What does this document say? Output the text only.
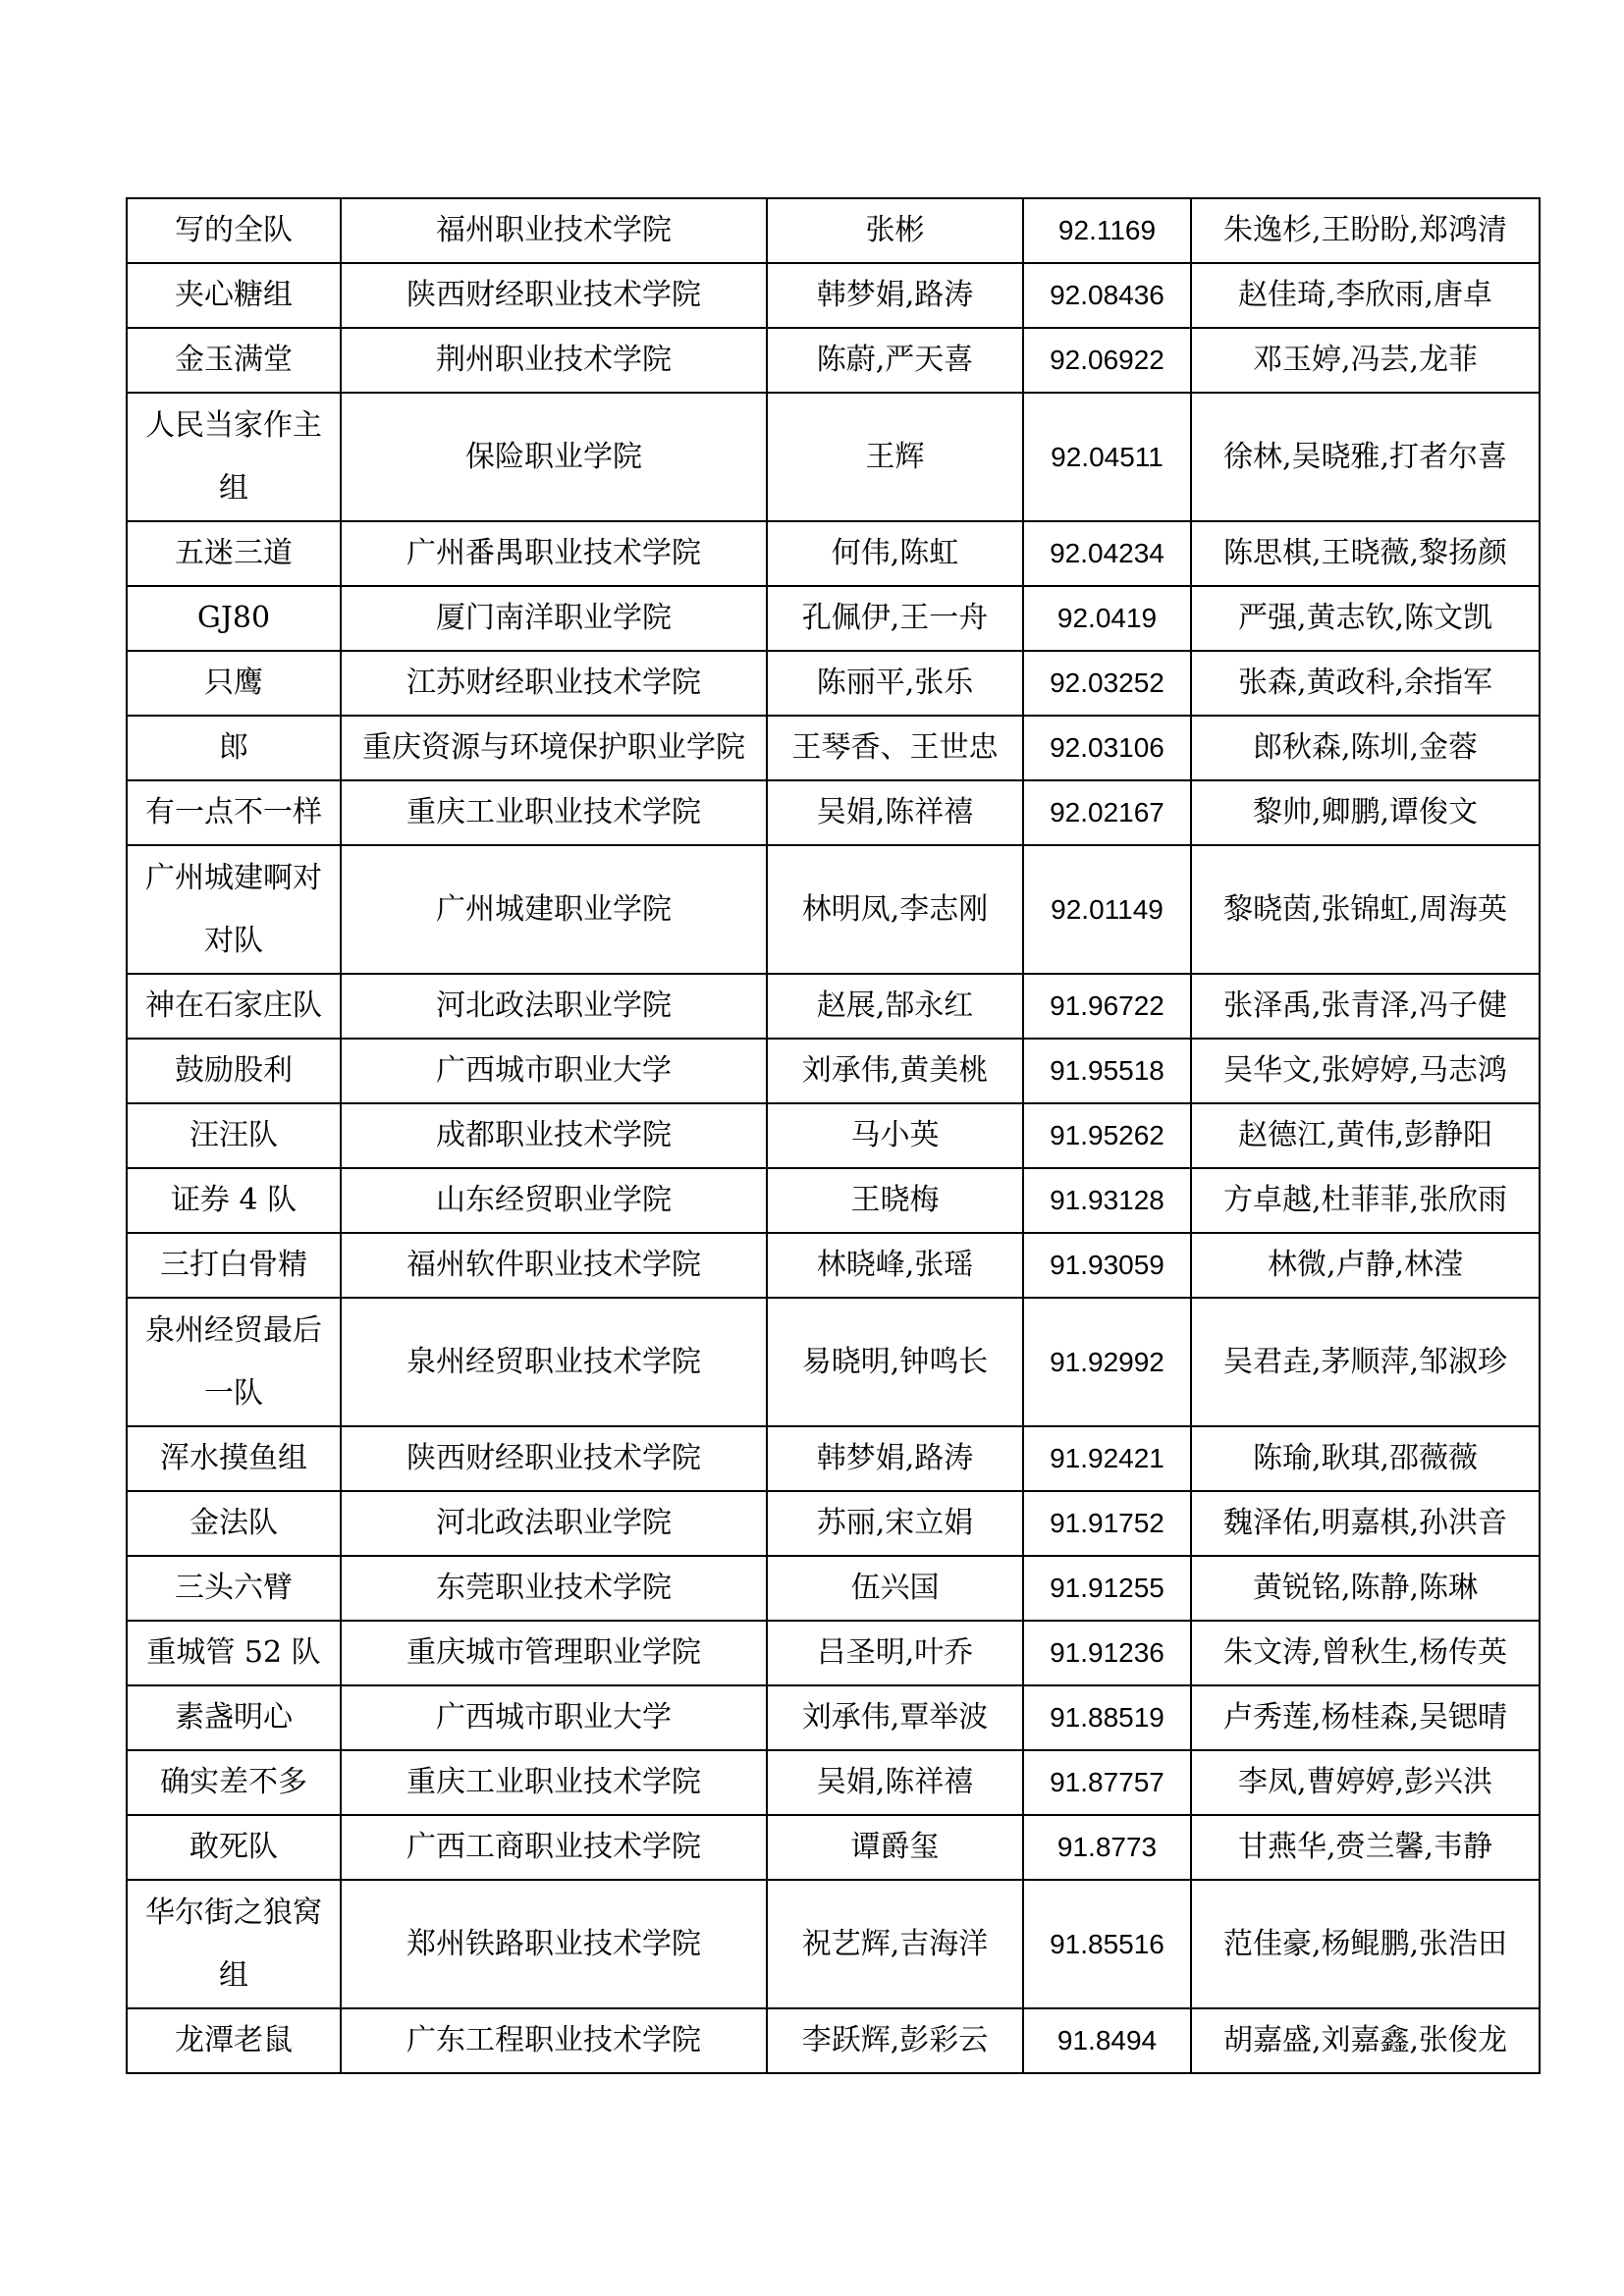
写的全队	福州职业技术学院	张彬	92.1169	朱逸杉,王盼盼,郑鸿清
夹心糖组	陕西财经职业技术学院	韩梦娟,路涛	92.08436	赵佳琦,李欣雨,唐卓
金玉满堂	荆州职业技术学院	陈蔚,严天喜	92.06922	邓玉婷,冯芸,龙菲
人民当家作主组	保险职业学院	王辉	92.04511	徐林,吴晓雅,打者尔喜
五迷三道	广州番禺职业技术学院	何伟,陈虹	92.04234	陈思棋,王晓薇,黎扬颜
GJ80	厦门南洋职业学院	孔佩伊,王一舟	92.0419	严强,黄志钦,陈文凯
只鹰	江苏财经职业技术学院	陈丽平,张乐	92.03252	张森,黄政科,余指军
郎	重庆资源与环境保护职业学院	王琴香、王世忠	92.03106	郎秋森,陈圳,金蓉
有一点不一样	重庆工业职业技术学院	吴娟,陈祥禧	92.02167	黎帅,卿鹏,谭俊文
广州城建啊对对队	广州城建职业学院	林明凤,李志刚	92.01149	黎晓茵,张锦虹,周海英
神在石家庄队	河北政法职业学院	赵展,郜永红	91.96722	张泽禹,张青泽,冯子健
鼓励股利	广西城市职业大学	刘承伟,黄美桃	91.95518	吴华文,张婷婷,马志鸿
汪汪队	成都职业技术学院	马小英	91.95262	赵德江,黄伟,彭静阳
证券 4 队	山东经贸职业学院	王晓梅	91.93128	方卓越,杜菲菲,张欣雨
三打白骨精	福州软件职业技术学院	林晓峰,张瑶	91.93059	林微,卢静,林滢
泉州经贸最后一队	泉州经贸职业技术学院	易晓明,钟鸣长	91.92992	吴君垚,茅顺萍,邹淑珍
浑水摸鱼组	陕西财经职业技术学院	韩梦娟,路涛	91.92421	陈瑜,耿琪,邵薇薇
金法队	河北政法职业学院	苏丽,宋立娟	91.91752	魏泽佑,明嘉棋,孙洪音
三头六臂	东莞职业技术学院	伍兴国	91.91255	黄锐铭,陈静,陈琳
重城管 52 队	重庆城市管理职业学院	吕圣明,叶乔	91.91236	朱文涛,曾秋生,杨传英
素盏明心	广西城市职业大学	刘承伟,覃举波	91.88519	卢秀莲,杨桂森,吴锶晴
确实差不多	重庆工业职业技术学院	吴娟,陈祥禧	91.87757	李凤,曹婷婷,彭兴洪
敢死队	广西工商职业技术学院	谭爵玺	91.8773	甘燕华,赍兰馨,韦静
华尔街之狼窝组	郑州铁路职业技术学院	祝艺辉,吉海洋	91.85516	范佳豪,杨鲲鹏,张浩田
龙潭老鼠	广东工程职业技术学院	李跃辉,彭彩云	91.8494	胡嘉盛,刘嘉鑫,张俊龙
